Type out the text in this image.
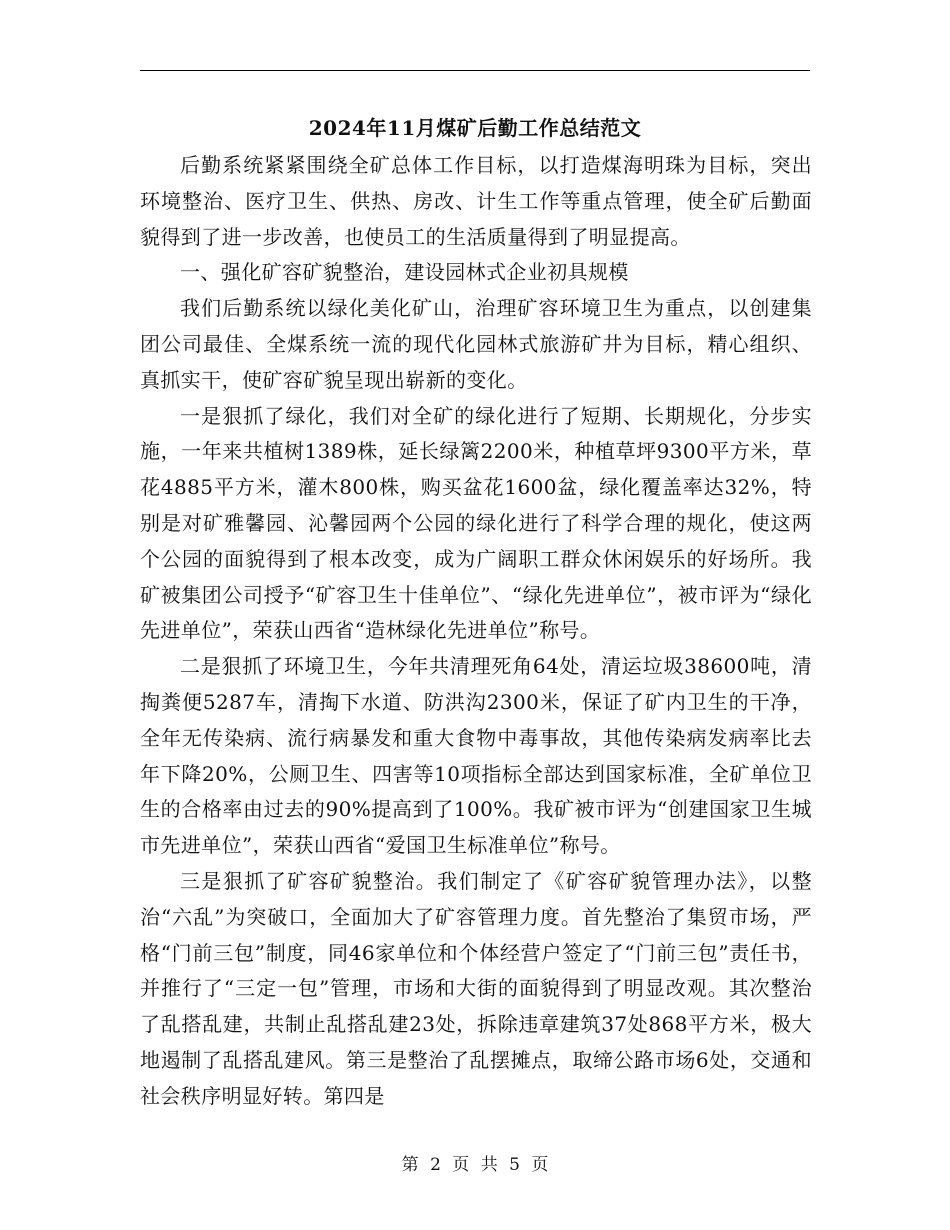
2024年11月煤矿后勤工作总结范文

后勤系统紧紧围绕全矿总体工作目标，以打造煤海明珠为目标，突出环境整治、医疗卫生、供热、房改、计生工作等重点管理，使全矿后勤面貌得到了进一步改善，也使员工的生活质量得到了明显提高。

一、强化矿容矿貌整治，建设园林式企业初具规模

我们后勤系统以绿化美化矿山，治理矿容环境卫生为重点，以创建集团公司最佳、全煤系统一流的现代化园林式旅游矿井为目标，精心组织、真抓实干，使矿容矿貌呈现出崭新的变化。

一是狠抓了绿化，我们对全矿的绿化进行了短期、长期规化，分步实施，一年来共植树1389株，延长绿篱2200米，种植草坪9300平方米，草花4885平方米，灌木800株，购买盆花1600盆，绿化覆盖率达32%，特别是对矿雅馨园、沁馨园两个公园的绿化进行了科学合理的规化，使这两个公园的面貌得到了根本改变，成为广阔职工群众休闲娱乐的好场所。我矿被集团公司授予“矿容卫生十佳单位”、“绿化先进单位”，被市评为“绿化先进单位”，荣获山西省“造林绿化先进单位”称号。

二是狠抓了环境卫生，今年共清理死角64处，清运垃圾38600吨，清掏粪便5287车，清掏下水道、防洪沟2300米，保证了矿内卫生的干净，全年无传染病、流行病暴发和重大食物中毒事故，其他传染病发病率比去年下降20%，公厕卫生、四害等10项指标全部达到国家标准，全矿单位卫生的合格率由过去的90%提高到了100%。我矿被市评为“创建国家卫生城市先进单位”，荣获山西省“爱国卫生标准单位”称号。

三是狠抓了矿容矿貌整治。我们制定了《矿容矿貌管理办法》，以整治“六乱”为突破口，全面加大了矿容管理力度。首先整治了集贸市场，严格“门前三包”制度，同46家单位和个体经营户签定了“门前三包”责任书，并推行了“三定一包”管理，市场和大街的面貌得到了明显改观。其次整治了乱搭乱建，共制止乱搭乱建23处，拆除违章建筑37处868平方米，极大地遏制了乱搭乱建风。第三是整治了乱摆摊点，取缔公路市场6处，交通和社会秩序明显好转。第四是

第 2 页 共 5 页
